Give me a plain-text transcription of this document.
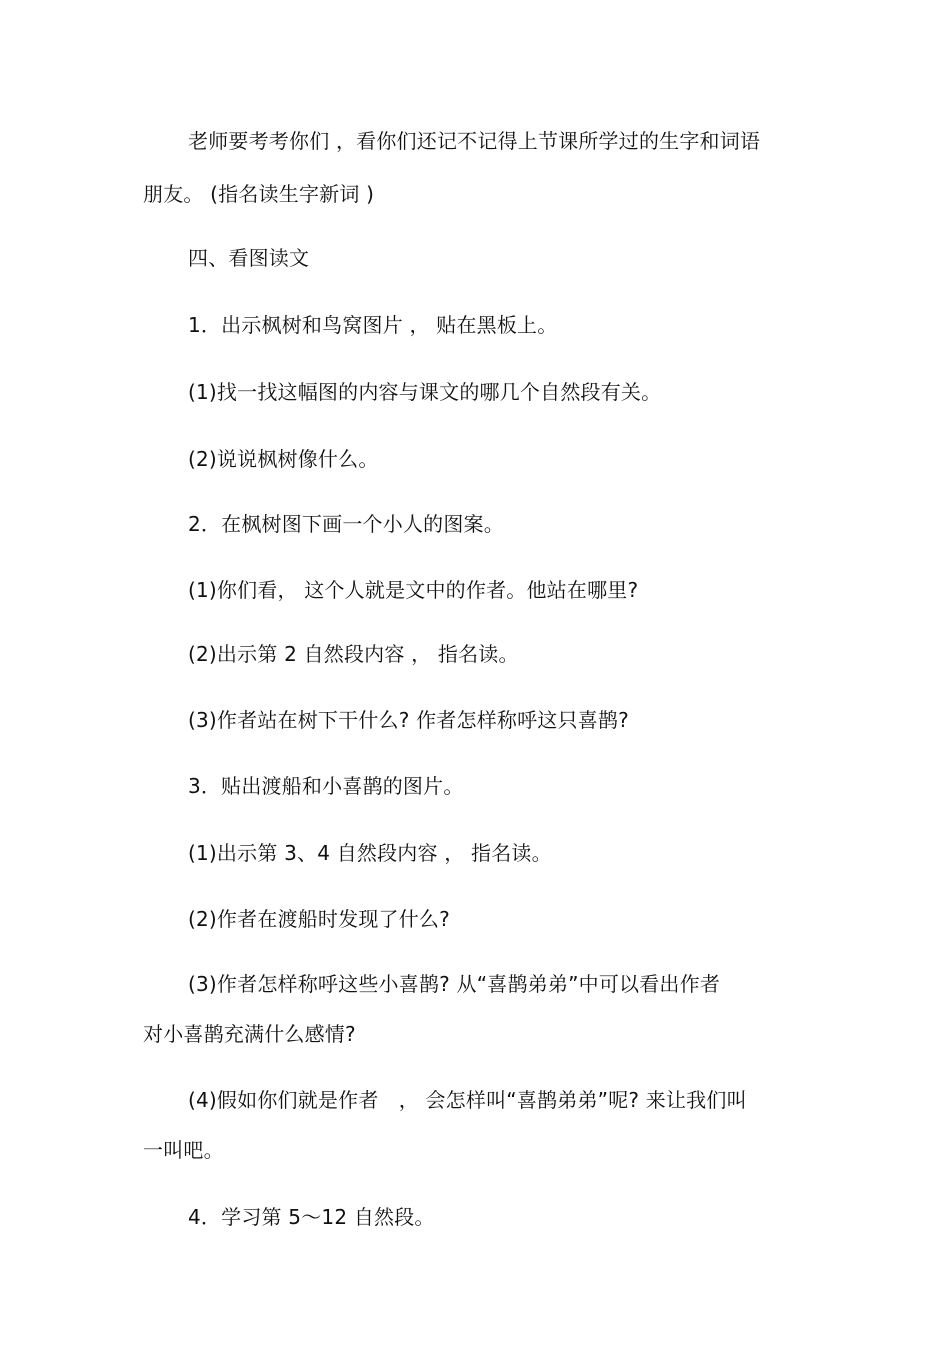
老师要考考你们 ，看你们还记不记得上节课所学过的生字和词语
朋友。 (指名读生字新词 )
四、看图读文
1．出示枫树和鸟窝图片 ， 贴在黑板上。
(1)找一找这幅图的内容与课文的哪几个自然段有关。
(2)说说枫树像什么。
2．在枫树图下画一个小人的图案。
(1)你们看， 这个人就是文中的作者。他站在哪里?
(2)出示第 2 自然段内容 ， 指名读。
(3)作者站在树下干什么? 作者怎样称呼这只喜鹊?
3．贴出渡船和小喜鹊的图片。
(1)出示第 3、4 自然段内容 ， 指名读。
(2)作者在渡船时发现了什么?
(3)作者怎样称呼这些小喜鹊? 从“喜鹊弟弟”中可以看出作者
对小喜鹊充满什么感情?
(4)假如你们就是作者　， 会怎样叫“喜鹊弟弟”呢? 来让我们叫
一叫吧。
4．学习第 5～12 自然段。
